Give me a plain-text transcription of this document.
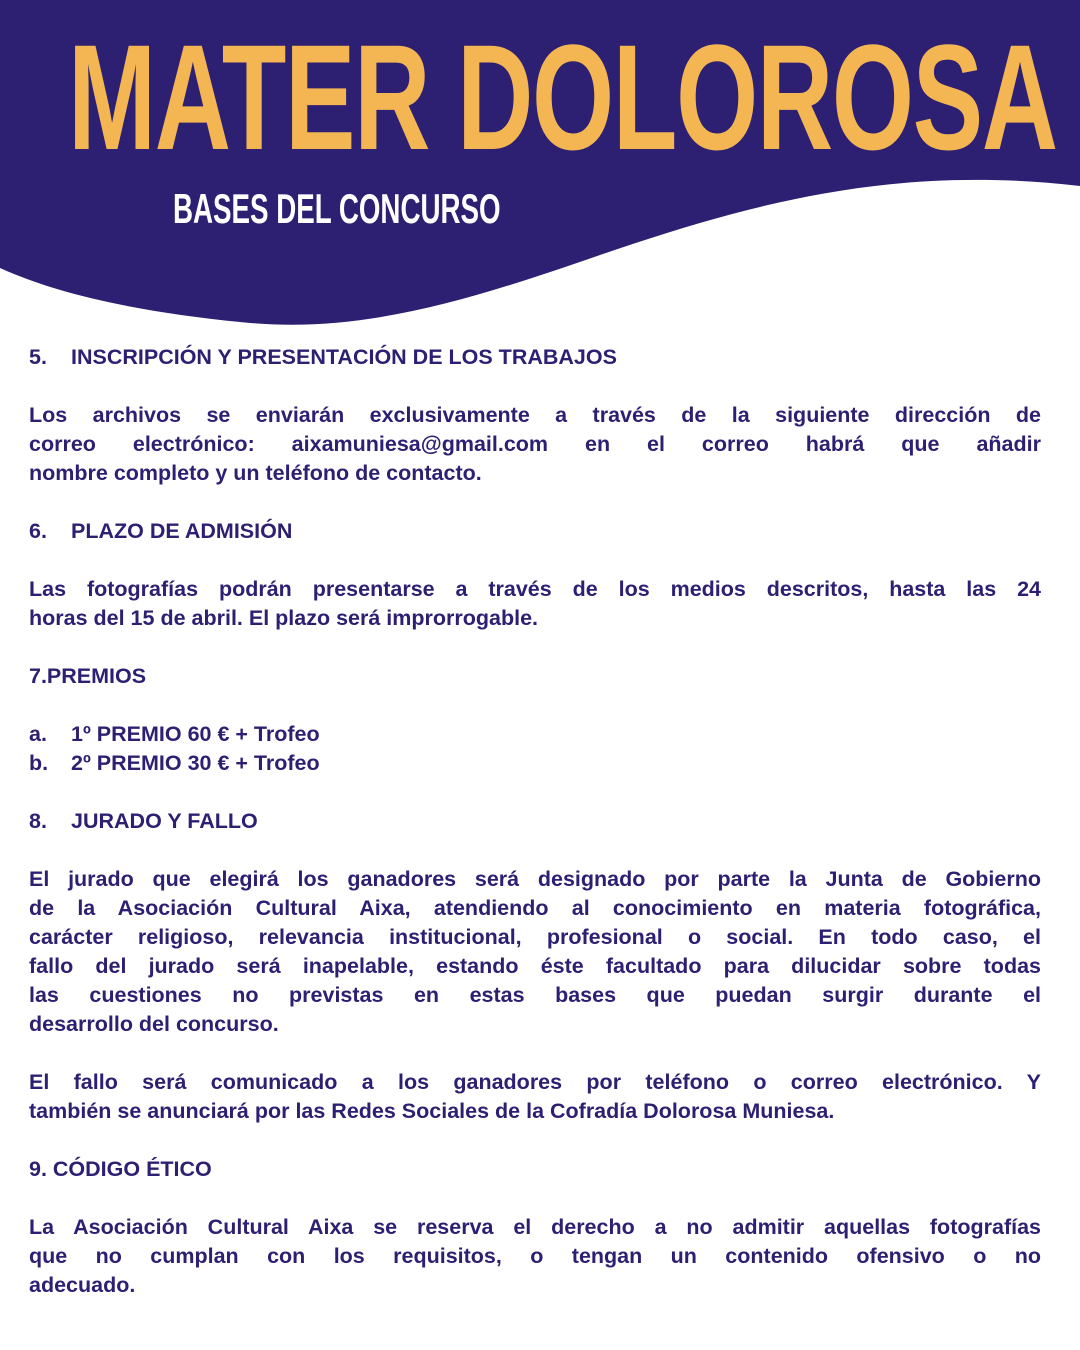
MATER DOLOROSA
BASES DEL CONCURSO
5. INSCRIPCIÓN Y PRESENTACIÓN DE LOS TRABAJOS
Los archivos se enviarán exclusivamente a través de la siguiente dirección de
correo electrónico: aixamuniesa@gmail.com en el correo habrá que añadir
nombre completo y un teléfono de contacto.
6. PLAZO DE ADMISIÓN
Las fotografías podrán presentarse a través de los medios descritos, hasta las 24
horas del 15 de abril. El plazo será improrrogable.
7.PREMIOS
a. 1º PREMIO 60 € + Trofeo
b. 2º PREMIO 30 € + Trofeo
8. JURADO Y FALLO
El jurado que elegirá los ganadores será designado por parte la Junta de Gobierno
de la Asociación Cultural Aixa, atendiendo al conocimiento en materia fotográfica,
carácter religioso, relevancia institucional, profesional o social. En todo caso, el
fallo del jurado será inapelable, estando éste facultado para dilucidar sobre todas
las cuestiones no previstas en estas bases que puedan surgir durante el
desarrollo del concurso.
El fallo será comunicado a los ganadores por teléfono o correo electrónico. Y
también se anunciará por las Redes Sociales de la Cofradía Dolorosa Muniesa.
9. CÓDIGO ÉTICO
La Asociación Cultural Aixa se reserva el derecho a no admitir aquellas fotografías
que no cumplan con los requisitos, o tengan un contenido ofensivo o no
adecuado.
